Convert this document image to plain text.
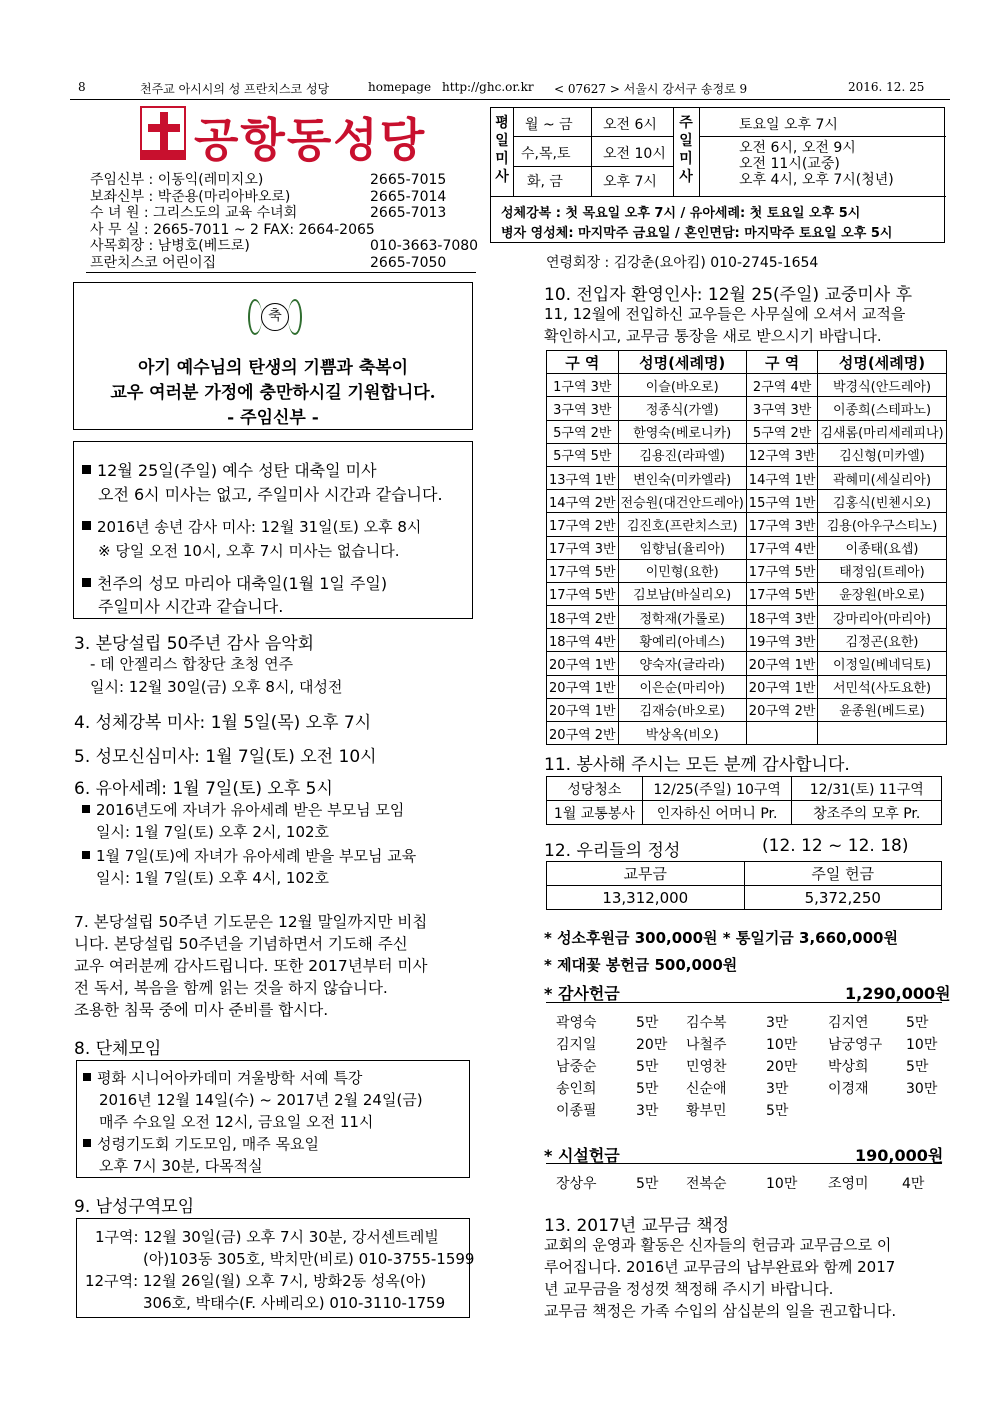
8	천주교 아시시의 성 프란치스코 성당	homepage http://ghc.or.kr < 07627 > 서울시 강서구 송정로 9	2016. 12. 25
공항동성당
주임신부 : 이동익(레미지오)	2665-7015
보좌신부 : 박준용(마리아바오로)	2665-7014
수 녀 원 : 그리스도의 교육 수녀회	2665-7013
사 무 실 : 2665-7011 ~ 2 FAX: 2664-2065
사목회장 : 남병호(베드로)	010-3663-7080
프란치스코 어린이집	2665-7050
평일미사
월 ~ 금 오전 6시
수,목,토 오전 10시
화, 금	오후 7시
주일미사
토요일 오후 7시
오전 6시, 오전 9시
오전 11시(교중)
오후 4시, 오후 7시(청년)
성체강복 : 첫 목요일 오후 7시 / 유아세례: 첫 토요일 오후 5시
병자 영성체: 마지막주 금요일 / 혼인면담: 마지막주 토요일 오후 5시
연령회장 : 김강춘(요아킴) 010-2745-1654
축
아기 예수님의 탄생의 기쁨과 축복이
교우 여러분 가정에 충만하시길 기원합니다.
- 주임신부 -
12월 25일(주일) 예수 성탄 대축일 미사
오전 6시 미사는 없고, 주일미사 시간과 같습니다.
2016년 송년 감사 미사: 12월 31일(토) 오후 8시
※ 당일 오전 10시, 오후 7시 미사는 없습니다.
천주의 성모 마리아 대축일(1월 1일 주일)
주일미사 시간과 같습니다.
3. 본당설립 50주년 감사 음악회
- 데 안젤리스 합창단 초청 연주
일시: 12월 30일(금) 오후 8시, 대성전
4. 성체강복 미사: 1월 5일(목) 오후 7시
5. 성모신심미사: 1월 7일(토) 오전 10시
6. 유아세례: 1월 7일(토) 오후 5시
2016년도에 자녀가 유아세례 받은 부모님 모임
일시: 1월 7일(토) 오후 2시, 102호
1월 7일(토)에 자녀가 유아세례 받을 부모님 교육
일시: 1월 7일(토) 오후 4시, 102호
7. 본당설립 50주년 기도문은 12월 말일까지만 비칩
니다. 본당설립 50주년을 기념하면서 기도해 주신
교우 여러분께 감사드립니다. 또한 2017년부터 미사
전 독서, 복음을 함께 읽는 것을 하지 않습니다.
조용한 침묵 중에 미사 준비를 합시다.
8. 단체모임
평화 시니어아카데미 겨울방학 서예 특강
2016년 12월 14일(수) ~ 2017년 2월 24일(금)
매주 수요일 오전 12시, 금요일 오전 11시
성령기도회 기도모임, 매주 목요일
오후 7시 30분, 다목적실
9. 남성구역모임
1구역: 12월 30일(금) 오후 7시 30분, 강서센트레빌
(아)103동 305호, 박치만(비로) 010-3755-1599
12구역: 12월 26일(월) 오후 7시, 방화2동 성옥(아)
306호, 박태수(F. 사베리오) 010-3110-1759
10. 전입자 환영인사: 12월 25(주일) 교중미사 후
11, 12월에 전입하신 교우들은 사무실에 오셔서 교적을
확인하시고, 교무금 통장을 새로 받으시기 바랍니다.
구 역	성명(세례명)	구 역	성명(세례명)
1구역 3반	이슬(바오로)	2구역 4반	박경식(안드레아)
3구역 3반	정종식(가엘)	3구역 3반	이종희(스테파노)
5구역 2반	한영숙(베로니카)	5구역 2반	김새롬(마리세레피나)
5구역 5반	김용진(라파엘)	12구역 3반	김신형(미카엘)
13구역 1반	변인숙(미카엘라)	14구역 1반	곽혜미(세실리아)
14구역 2반	전승원(대건안드레아)	15구역 1반	김홍식(빈첸시오)
17구역 2반	김진호(프란치스코)	17구역 3반	김용(아우구스티노)
17구역 3반	임향님(율리아)	17구역 4반	이종태(요셉)
17구역 5반	이민형(요한)	17구역 5반	태정임(트레아)
17구역 5반	김보남(바실리오)	17구역 5반	윤장원(바오로)
18구역 2반	정학재(가롤로)	18구역 3반	강마리아(마리아)
18구역 4반	황예리(아녜스)	19구역 3반	김정곤(요한)
20구역 1반	양숙자(글라라)	20구역 1반	이정일(베네딕토)
20구역 1반	이은순(마리아)	20구역 1반	서민석(사도요한)
20구역 1반	김재승(바오로)	20구역 2반	윤종원(베드로)
20구역 2반	박상옥(비오)		
11. 봉사해 주시는 모든 분께 감사합니다.
성당청소	12/25(주일) 10구역	12/31(토) 11구역
1월 교통봉사	인자하신 어머니 Pr.	창조주의 모후 Pr.
12. 우리들의 정성	(12. 12 ~ 12. 18)
교무금	주일 헌금
13,312,000	5,372,250
* 성소후원금 300,000원 * 통일기금 3,660,000원
* 제대꽃 봉헌금 500,000원
* 감사헌금	1,290,000원
곽영숙	5만 김수복	3만	김지연	5만
김지일	20만 나철주	10만 남궁영구 10만
남중순	5만 민영찬	20만 박상희	5만
송인희	5만 신순애	3만	이경재	30만
이종필	3만 황부민	5만
* 시설헌금	190,000원
장상우	5만 전복순	10만 조영미 4만
13. 2017년 교무금 책정
교회의 운영과 활동은 신자들의 헌금과 교무금으로 이
루어집니다. 2016년 교무금의 납부완료와 함께 2017
년 교무금을 정성껏 책정해 주시기 바랍니다.
교무금 책정은 가족 수입의 삼십분의 일을 권고합니다.
